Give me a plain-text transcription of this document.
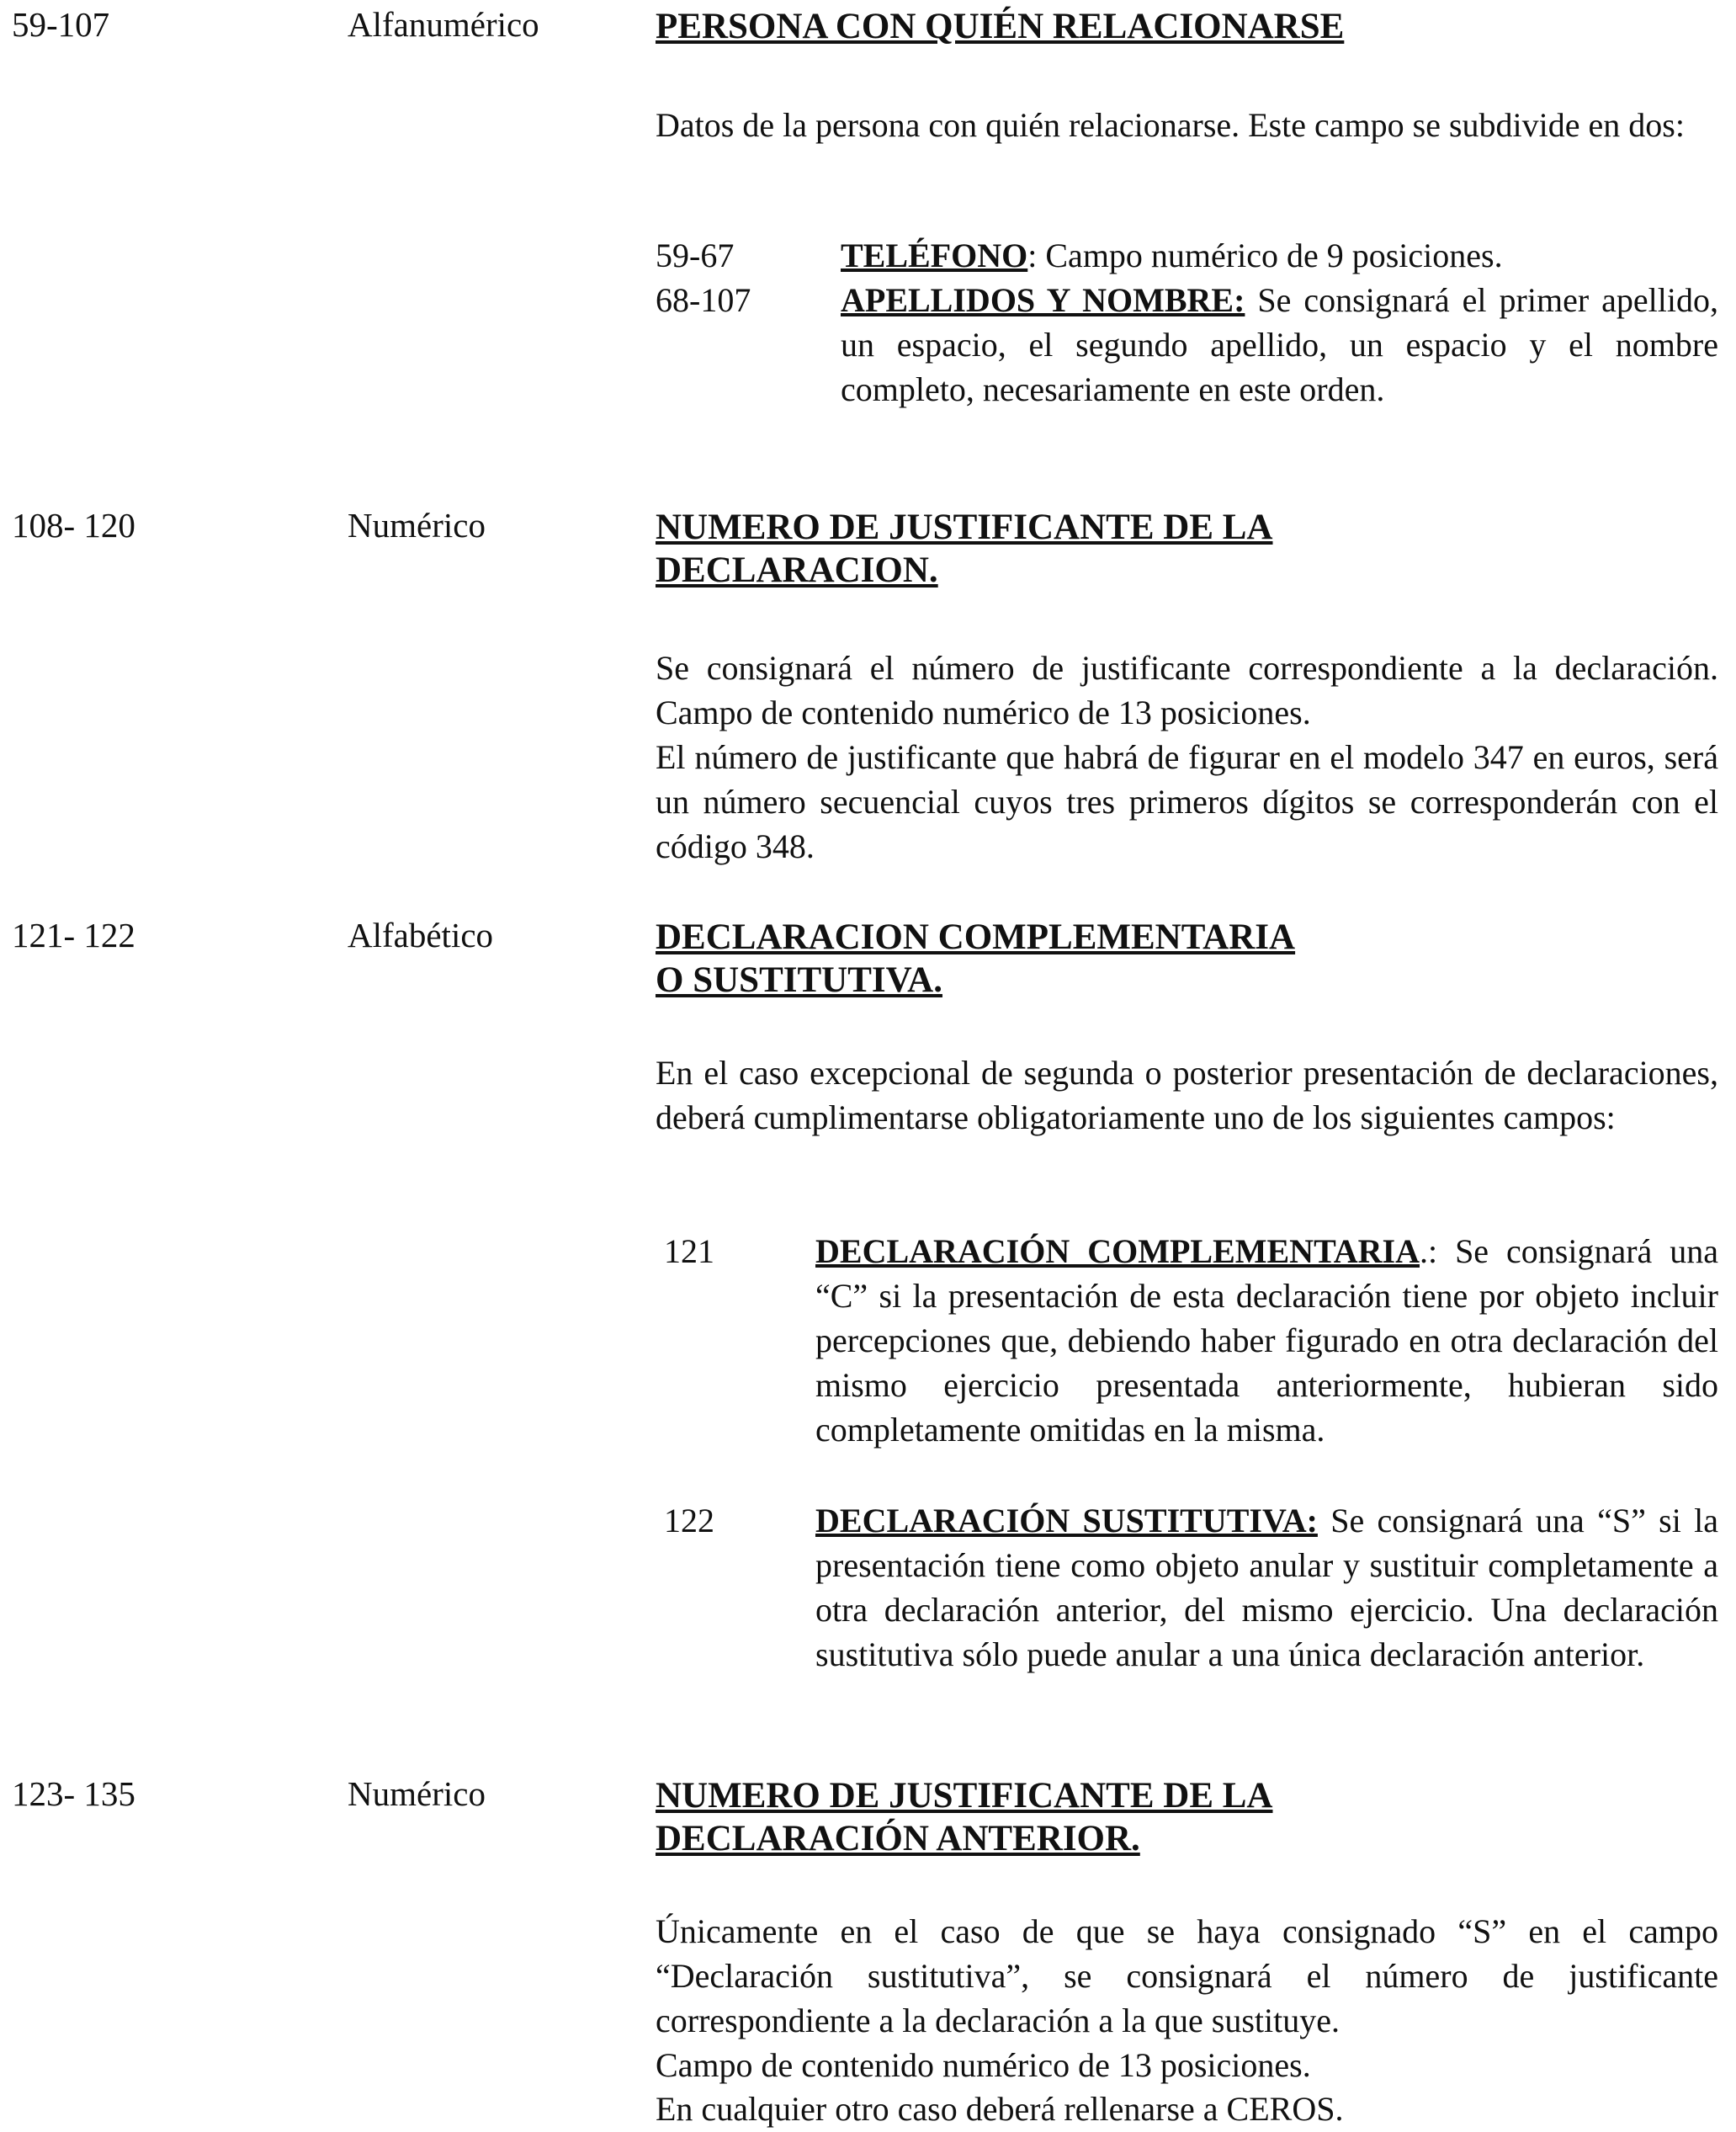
59-107	Alfanumérico	PERSONA CON QUIÉN RELACIONARSE
Datos de la persona con quién relacionarse. Este campo se subdivide en dos:
59-67	TELÉFONO: Campo numérico de 9 posiciones.
68-107	APELLIDOS Y NOMBRE: Se consignará el primer apellido, un espacio, el segundo apellido, un espacio y el nombre completo, necesariamente en este orden.
108- 120	Numérico	NUMERO DE JUSTIFICANTE DE LA
DECLARACION.
Se consignará el número de justificante correspondiente a la declaración. Campo de contenido numérico de 13 posiciones.
El número de justificante que habrá de figurar en el modelo 347 en euros, será un número secuencial cuyos tres primeros dígitos se corresponderán con el código 348.
121- 122	Alfabético	DECLARACION COMPLEMENTARIA
O SUSTITUTIVA.
En el caso excepcional de segunda o posterior presentación de declaraciones, deberá cumplimentarse obligatoriamente uno de los siguientes campos:
121	DECLARACIÓN COMPLEMENTARIA.: Se consignará una “C” si la presentación de esta declaración tiene por objeto incluir percepciones que, debiendo haber figurado en otra declaración del mismo ejercicio presentada anteriormente, hubieran sido completamente omitidas en la misma.
122	DECLARACIÓN SUSTITUTIVA: Se consignará una “S” si la presentación tiene como objeto anular y sustituir completamente a otra declaración anterior, del mismo ejercicio. Una declaración sustitutiva sólo puede anular a una única declaración anterior.
123- 135	Numérico	NUMERO DE JUSTIFICANTE DE LA
DECLARACIÓN ANTERIOR.
Únicamente en el caso de que se haya consignado “S” en el campo “Declaración sustitutiva”, se consignará el número de justificante correspondiente a la declaración a la que sustituye.
Campo de contenido numérico de 13 posiciones.
En cualquier otro caso deberá rellenarse a CEROS.
